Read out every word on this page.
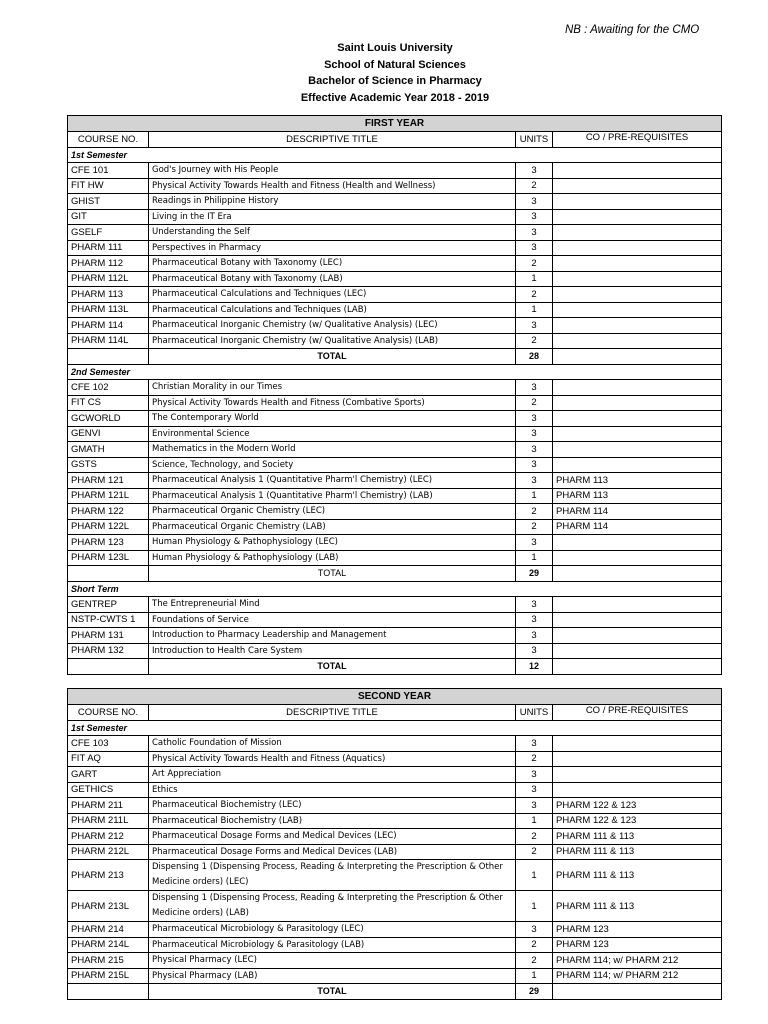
NB : Awaiting for the CMO
Saint Louis University
School of Natural Sciences
Bachelor of Science in Pharmacy
Effective Academic Year 2018 - 2019
FIRST YEAR			
COURSE NO.	DESCRIPTIVE TITLE	UNITS	CO / PRE-REQUISITES
1st Semester			
CFE 101	God's Journey with His People	3	
FIT HW	Physical Activity Towards Health and Fitness (Health and Wellness)	2	
GHIST	Readings in Philippine History	3	
GIT	Living in the IT Era	3	
GSELF	Understanding the Self	3	
PHARM 111	Perspectives in Pharmacy	3	
PHARM 112	Pharmaceutical Botany with Taxonomy (LEC)	2	
PHARM 112L	Pharmaceutical Botany with Taxonomy (LAB)	1	
PHARM 113	Pharmaceutical Calculations and Techniques (LEC)	2	
PHARM 113L	Pharmaceutical Calculations and Techniques (LAB)	1	
PHARM 114	Pharmaceutical Inorganic Chemistry (w/ Qualitative Analysis) (LEC)	3	
PHARM 114L	Pharmaceutical Inorganic Chemistry (w/ Qualitative Analysis) (LAB)	2	
	TOTAL	28	
2nd Semester			
CFE 102	Christian Morality in our Times	3	
FIT CS	Physical Activity Towards Health and Fitness (Combative Sports)	2	
GCWORLD	The Contemporary World	3	
GENVI	Environmental Science	3	
GMATH	Mathematics in the Modern World	3	
GSTS	Science, Technology, and Society	3	
PHARM 121	Pharmaceutical Analysis 1 (Quantitative Pharm'l Chemistry) (LEC)	3	PHARM 113
PHARM 121L	Pharmaceutical Analysis 1 (Quantitative Pharm'l Chemistry) (LAB)	1	PHARM 113
PHARM 122	Pharmaceutical Organic Chemistry (LEC)	2	PHARM 114
PHARM 122L	Pharmaceutical Organic Chemistry (LAB)	2	PHARM 114
PHARM 123	Human Physiology & Pathophysiology (LEC)	3	
PHARM 123L	Human Physiology & Pathophysiology (LAB)	1	
	TOTAL	29	
Short Term			
GENTREP	The Entrepreneurial Mind	3	
NSTP-CWTS 1	Foundations of Service	3	
PHARM 131	Introduction to Pharmacy Leadership and Management	3	
PHARM 132	Introduction to Health Care System	3	
	TOTAL	12	
SECOND YEAR			
COURSE NO.	DESCRIPTIVE TITLE	UNITS	CO / PRE-REQUISITES
1st Semester			
CFE 103	Catholic Foundation of Mission	3	
FIT AQ	Physical Activity Towards Health and Fitness (Aquatics)	2	
GART	Art Appreciation	3	
GETHICS	Ethics	3	
PHARM 211	Pharmaceutical Biochemistry (LEC)	3	PHARM 122 & 123
PHARM 211L	Pharmaceutical Biochemistry (LAB)	1	PHARM 122 & 123
PHARM 212	Pharmaceutical Dosage Forms and Medical Devices (LEC)	2	PHARM 111 & 113
PHARM 212L	Pharmaceutical Dosage Forms and Medical Devices (LAB)	2	PHARM 111 & 113
PHARM 213	Dispensing 1 (Dispensing Process, Reading & Interpreting the Prescription & Other Medicine orders) (LEC)	1	PHARM 111 & 113
PHARM 213L	Dispensing 1 (Dispensing Process, Reading & Interpreting the Prescription & Other Medicine orders) (LAB)	1	PHARM 111 & 113
PHARM 214	Pharmaceutical Microbiology & Parasitology (LEC)	3	PHARM 123
PHARM 214L	Pharmaceutical Microbiology & Parasitology (LAB)	2	PHARM 123
PHARM 215	Physical Pharmacy (LEC)	2	PHARM 114; w/ PHARM 212
PHARM 215L	Physical Pharmacy (LAB)	1	PHARM 114; w/ PHARM 212
	TOTAL	29	
